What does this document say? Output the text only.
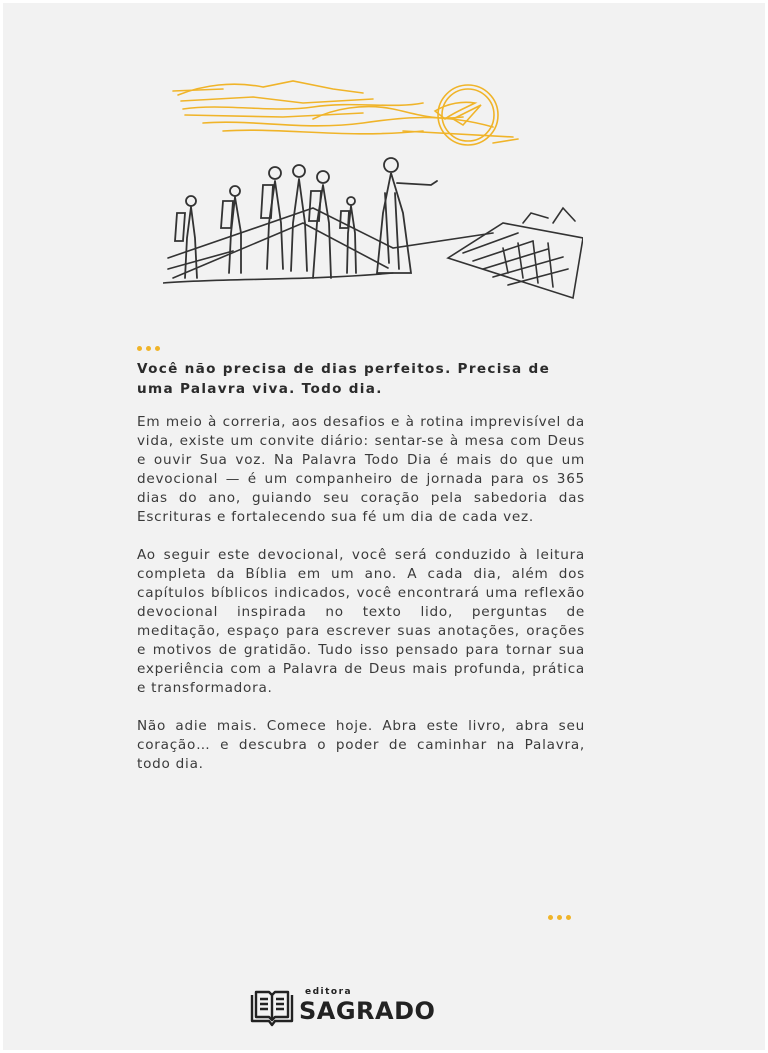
Você não precisa de dias perfeitos. Precisa de uma Palavra viva. Todo dia.

Em meio à correria, aos desafios e à rotina imprevisível da vida, existe um convite diário: sentar-se à mesa com Deus e ouvir Sua voz. Na Palavra Todo Dia é mais do que um devocional — é um companheiro de jornada para os 365 dias do ano, guiando seu coração pela sabedoria das Escrituras e fortalecendo sua fé um dia de cada vez.

Ao seguir este devocional, você será conduzido à leitura completa da Bíblia em um ano. A cada dia, além dos capítulos bíblicos indicados, você encontrará uma reflexão devocional inspirada no texto lido, perguntas de meditação, espaço para escrever suas anotações, orações e motivos de gratidão. Tudo isso pensado para tornar sua experiência com a Palavra de Deus mais profunda, prática e transformadora.

Não adie mais. Comece hoje. Abra este livro, abra seu coração… e descubra o poder de caminhar na Palavra, todo dia.

editora
SAGRADO
